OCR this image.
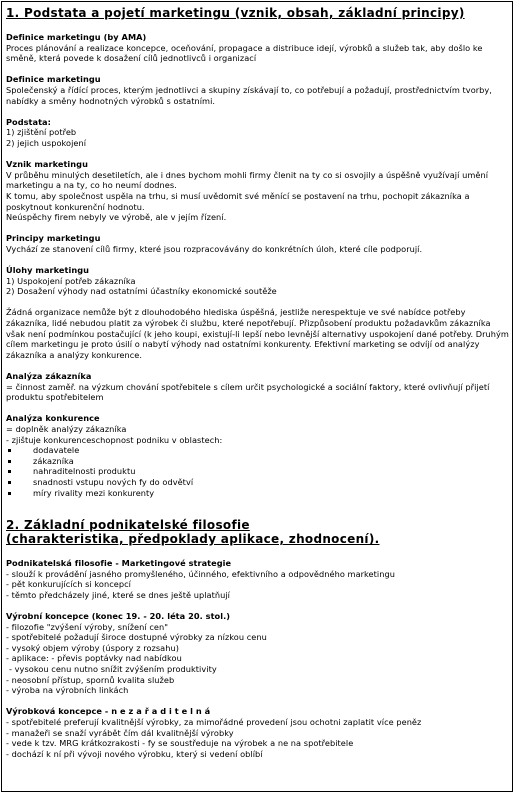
1. Podstata a pojetí marketingu (vznik, obsah, základní principy)
Definice marketingu (by AMA)
Proces plánování a realizace koncepce, oceňování, propagace a distribuce idejí, výrobků a služeb tak, aby došlo ke směně, která povede k dosažení cílů jednotlivců i organizací
Definice marketingu
Společenský a řídící proces, kterým jednotlivci a skupiny získávají to, co potřebují a požadují, prostřednictvím tvorby, nabídky a směny hodnotných výrobků s ostatními.
Podstata:
1) zjištění potřeb
2) jejich uspokojení
Vznik marketingu
V průběhu minulých desetiletích, ale i dnes bychom mohli firmy členit na ty co si osvojily a úspěšně využívají umění marketingu a na ty, co ho neumí dodnes.
K tomu, aby společnost uspěla na trhu, si musí uvědomit své měnící se postavení na trhu, pochopit zákazníka a poskytnout konkurenční hodnotu.
Neúspěchy firem nebyly ve výrobě, ale v jejím řízení.
Principy marketingu
Vychází ze stanovení cílů firmy, které jsou rozpracovávány do konkrétních úloh, které cíle podporují.
Úlohy marketingu
1) Uspokojení potřeb zákazníka
2) Dosažení výhody nad ostatními účastníky ekonomické soutěže
Žádná organizace nemůže být z dlouhodobého hlediska úspěšná, jestliže nerespektuje ve své nabídce potřeby zákazníka, lidé nebudou platit za výrobek či službu, které nepotřebují. Přizpůsobení produktu požadavkům zákazníka však není podmínkou postačující (k jeho koupi, existují-li lepší nebo levnější alternativy uspokojení dané potřeby. Druhým cílem marketingu je proto úsilí o nabytí výhody nad ostatními konkurenty. Efektivní marketing se odvíjí od analýzy zákazníka a analýzy konkurence.
Analýza zákazníka
= činnost zaměř. na výzkum chování spotřebitele s cílem určit psychologické a sociální faktory, které ovlivňují přijetí produktu spotřebitelem
Analýza konkurence
= doplněk analýzy zákazníka
- zjištuje konkurenceschopnost podniku v oblastech:
dodavatele
zákazníka
nahraditelnosti produktu
snadnosti vstupu nových fy do odvětví
míry rivality mezi konkurenty
2. Základní podnikatelské filosofie
(charakteristika, předpoklady aplikace, zhodnocení).
Podnikatelská filosofie - Marketingové strategie
- slouží k provádění jasného promyšleného, účinného, efektivního a odpovědného marketingu
- pět konkurujících si koncepcí
- těmto předcházely jiné, které se dnes ještě uplatňují
Výrobní koncepce (konec 19. - 20. léta 20. stol.)
- filozofie "zvýšení výroby, snížení cen"
- spotřebitelé požadují široce dostupné výrobky za nízkou cenu
- vysoký objem výroby (úspory z rozsahu)
- aplikace: - převis poptávky nad nabídkou
- vysokou cenu nutno snížit zvýšením produktivity
- neosobní přístup, spornů kvalita služeb
- výroba na výrobních linkách
Výrobková koncepce - n e z a ř a d i t e l n á
- spotřebitelé preferují kvalitnější výrobky, za mimořádné provedení jsou ochotni zaplatit více peněz
- manažeři se snaží vyrábět čím dál kvalitnější výrobky
- vede k tzv. MRG krátkozrakosti - fy se soustředuje na výrobek a ne na spotřebitele
- dochází k ní při vývoji nového výrobku, který si vedení oblíbí
